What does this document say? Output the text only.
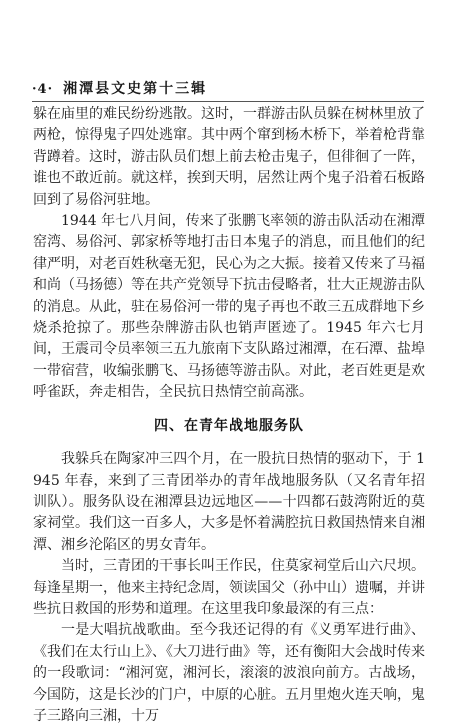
·4· 湘潭县文史第十三辑

躲在庙里的难民纷纷逃散。这时，一群游击队员躲在树林里放了两枪，惊得鬼子四处逃窜。其中两个窜到杨木桥下，举着枪背靠背蹲着。这时，游击队员们想上前去枪击鬼子，但徘徊了一阵，谁也不敢近前。就这样，挨到天明，居然让两个鬼子沿着石板路回到了易俗河驻地。

1944 年七八月间，传来了张鹏飞率领的游击队活动在湘潭窑湾、易俗河、郭家桥等地打击日本鬼子的消息，而且他们的纪律严明，对老百姓秋毫无犯，民心为之大振。接着又传来了马福和尚（马扬德）等在共产党领导下抗击侵略者，壮大正规游击队的消息。从此，驻在易俗河一带的鬼子再也不敢三五成群地下乡烧杀抢掠了。那些杂牌游击队也销声匿迹了。1945 年六七月间，王震司令员率领三五九旅南下支队路过湘潭，在石潭、盐埠一带宿营，收编张鹏飞、马扬德等游击队。对此，老百姓更是欢呼雀跃，奔走相告，全民抗日热情空前高涨。

四、在青年战地服务队

我躲兵在陶家冲三四个月，在一股抗日热情的驱动下，于 1945 年春，来到了三青团举办的青年战地服务队（又名青年招训队）。服务队设在湘潭县边远地区——十四都石鼓湾附近的莫家祠堂。我们这一百多人，大多是怀着满腔抗日救国热情来自湘潭、湘乡沦陷区的男女青年。

当时，三青团的干事长叫王作民，住莫家祠堂后山六尺坝。每逢星期一，他来主持纪念周，领读国父（孙中山）遗嘱，并讲些抗日救国的形势和道理。在这里我印象最深的有三点：

一是大唱抗战歌曲。至今我还记得的有《义勇军进行曲》、《我们在太行山上》、《大刀进行曲》等，还有衡阳大会战时传来的一段歌词：“湘河宽，湘河长，滚滚的波浪向前方。古战场，今国防，这是长沙的门户，中原的心脏。五月里炮火连天响，鬼子三路向三湘，十万
